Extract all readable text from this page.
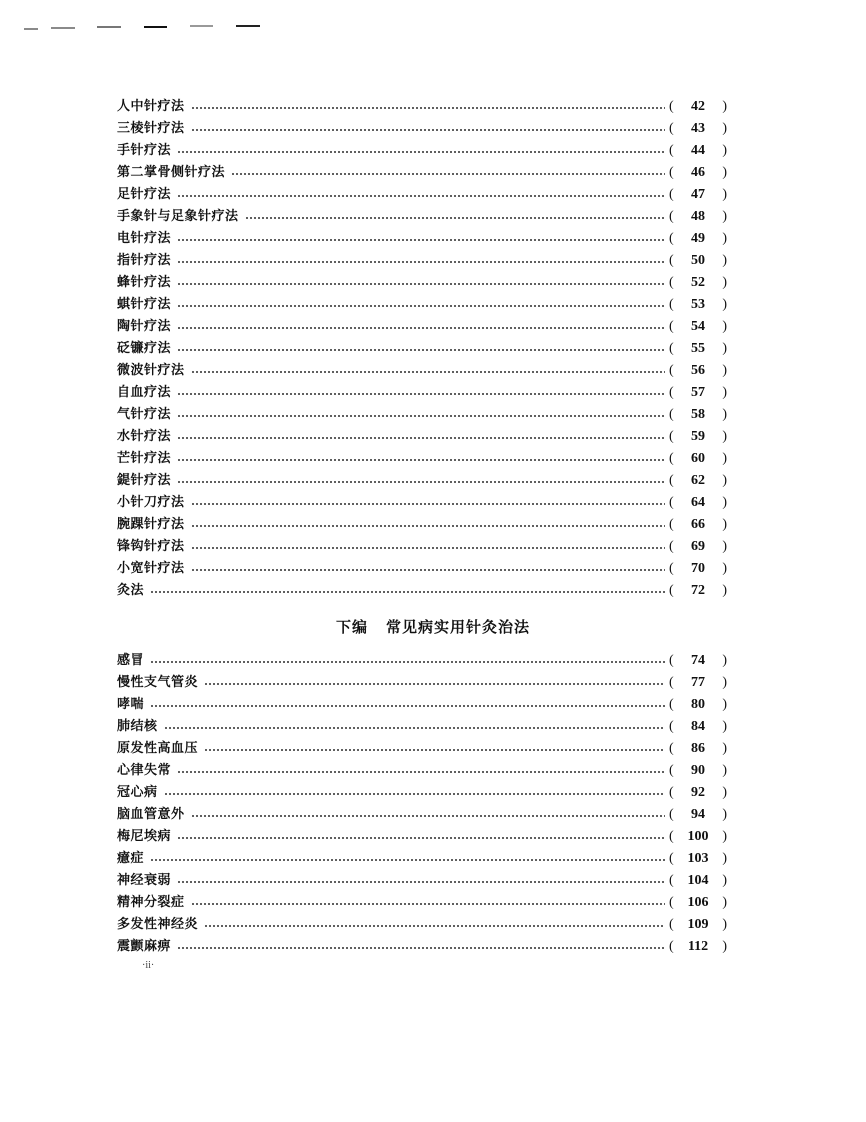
人中针疗法	(	42	)
三棱针疗法	(	43	)
手针疗法	(	44	)
第二掌骨侧针疗法	(	46	)
足针疗法	(	47	)
手象针与足象针疗法	(	48	)
电针疗法	(	49	)
指针疗法	(	50	)
蜂针疗法	(	52	)
蜞针疗法	(	53	)
陶针疗法	(	54	)
砭镰疗法	(	55	)
微波针疗法	(	56	)
自血疗法	(	57	)
气针疗法	(	58	)
水针疗法	(	59	)
芒针疗法	(	60	)
鍉针疗法	(	62	)
小针刀疗法	(	64	)
腕踝针疗法	(	66	)
锋钩针疗法	(	69	)
小宽针疗法	(	70	)
灸法	(	72	)
下编 常见病实用针灸治法
感冒	(	74	)
慢性支气管炎	(	77	)
哮喘	(	80	)
肺结核	(	84	)
原发性高血压	(	86	)
心律失常	(	90	)
冠心病	(	92	)
脑血管意外	(	94	)
梅尼埃病	( 100 )
癔症	( 103 )
神经衰弱	( 104 )
精神分裂症	( 106 )
多发性神经炎	( 109 )
震颤麻痹	(	112	)
·ii·
